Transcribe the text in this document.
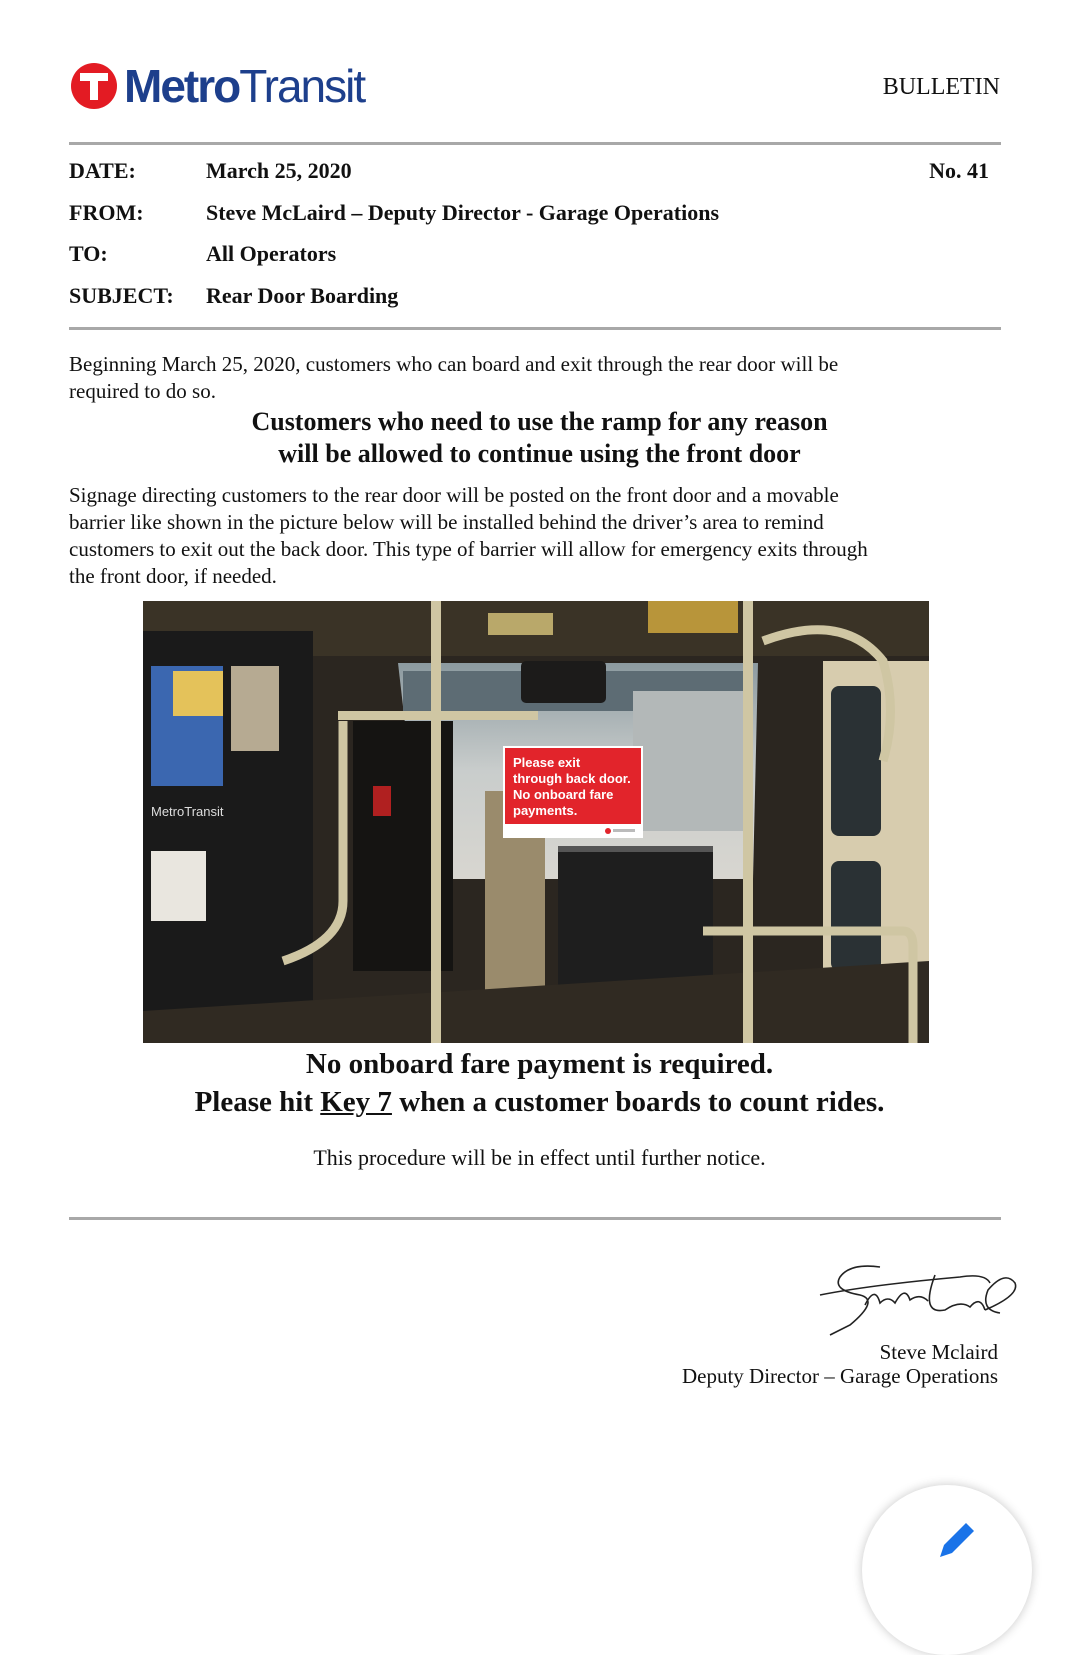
MetroTransit	BULLETIN
DATE:	March 25, 2020	No. 41
FROM:	Steve McLaird – Deputy Director - Garage Operations
TO:	All Operators
SUBJECT: Rear Door Boarding
Beginning March 25, 2020, customers who can board and exit through the rear door will be
required to do so.
Customers who need to use the ramp for any reason
will be allowed to continue using the front door
Signage directing customers to the rear door will be posted on the front door and a movable
barrier like shown in the picture below will be installed behind the driver’s area to remind
customers to exit out the back door. This type of barrier will allow for emergency exits through
the front door, if needed.
MetroTransit
Please exit
through back door.
No onboard fare
payments.
No onboard fare payment is required.
Please hit Key 7 when a customer boards to count rides.
This procedure will be in effect until further notice.
Steve Mclaird
Deputy Director – Garage Operations
